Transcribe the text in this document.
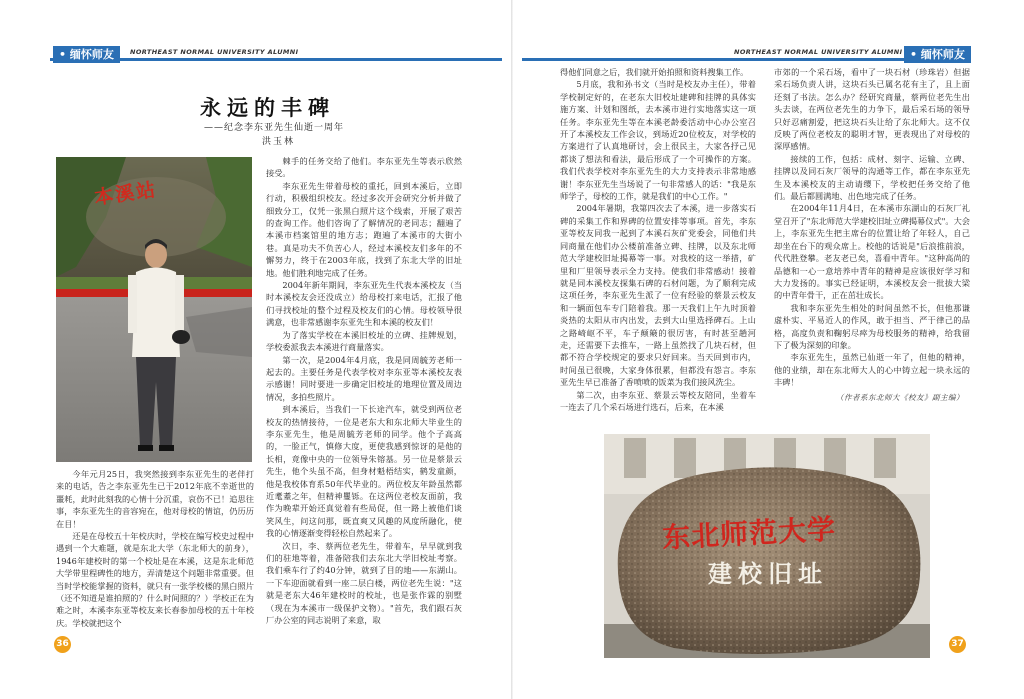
• 缅怀师友	NORTHEAST NORMAL UNIVERSITY ALUMNI
永远的丰碑
——纪念李东亚先生仙逝一周年
洪玉林
本溪站

今年元月25日，我突然接到李东亚先生的老伴打来的电话，告之李东亚先生已于2012年底不幸逝世的噩耗，此时此刻我的心情十分沉重，哀伤不已！追思往事，李东亚先生的音容宛在，他对母校的情谊，仍历历在目！

还是在母校五十年校庆时，学校在编写校史过程中遇到一个大难题，就是东北大学（东北师大的前身），1946年建校时的第一个校址是在本溪，这是东北师范大学带里程碑性的地方，弄清楚这个问题非常重要。但当时学校能掌握的资料，就只有一张学校楼的黑白照片（还不知道是谁拍照的？什么时间照的？）学校正在为难之时，本溪李东亚等校友来长春参加母校的五十年校庆。学校就把这个

棘手的任务交给了他们。李东亚先生等表示欣然接受。

李东亚先生带着母校的重托，回到本溪后，立即行动，积极组织校友。经过多次开会研究分析并做了细致分工，仅凭一张黑白照片这个线索，开展了艰苦的查询工作。他们咨询了了解情况的老同志；翻遍了本溪市档案馆里的地方志；跑遍了本溪市的大街小巷。真是功夫不负苦心人，经过本溪校友们多年的不懈努力，终于在2003年底，找到了东北大学的旧址地。他们胜利地完成了任务。

2004年新年期间，李东亚先生代表本溪校友（当时本溪校友会还没成立）给母校打来电话，汇报了他们寻找校址的整个过程及校友们的心情。母校领导很满意，也非常感谢李东亚先生和本溪的校友们！

为了落实学校在本溪旧校址的立碑、挂牌规划，学校委派我去本溪进行商量落实。

第一次，是2004年4月底，我是同周毓芳老师一起去的。主要任务是代表学校对李东亚等本溪校友表示感谢！同时要进一步确定旧校址的地理位置及周边情况，多拍些照片。

到本溪后，当我们一下长途汽车，就受到两位老校友的热情接待，一位是老东大和东北师大毕业生的李东亚先生，他是周毓芳老师的同学。他个子高高的，一脸正气，慎修大度，更使我感到惊讶的是他的长相，竟像中央的一位领导朱镕基。另一位是蔡景云先生，他个头虽不高，但身材魁梧结实，鹤发童颜，他是我校体育系50年代毕业的。两位校友年龄虽然都近耄耋之年，但精神矍铄。在这两位老校友面前，我作为晚辈开始还真觉着有些局促，但一路上被他们谈笑风生，问这问那，既直爽又风趣的风度所融化，使我的心情逐渐变得轻松自然起来了。

次日，李、蔡两位老先生，带着车，早早就到我们的驻地等着，准备陪我们去东北大学旧校址考察。我们乘车行了约40分钟，就到了目的地——东湖山。一下车迎面就看到一座二层白楼，两位老先生说："这就是老东大46年建校时的校址，也是张作霖的别墅（现在为本溪市一级保护文物）。"首先，我们跟石灰厂办公室的同志说明了来意，取

36
• 缅怀师友
NORTHEAST NORMAL UNIVERSITY ALUMNI

得他们同意之后，我们就开始拍照和资料搜集工作。

5月底，我和孙书文（当时是校友办主任），带着学校制定好的，在老东大旧校址建碑和挂牌的具体实施方案、计划和图纸，去本溪市进行实地落实这一项任务。李东亚先生等在本溪老龄委活动中心办公室召开了本溪校友工作会议，到场近20位校友，对学校的方案进行了认真地研讨，会上很民主，大家各抒己见都谈了想法和看法，最后形成了一个可操作的方案。我们代表学校对李东亚先生的大力支持表示非常地感谢！李东亚先生当场说了一句非常感人的话："我是东师学子，母校的工作，就是我们的中心工作。"

2004年暑期，我第四次去了本溪，进一步落实石碑的采集工作和界碑的位置安排等事项。首先，李东亚等校友同我一起到了本溪石灰矿党委会，同他们共同商量在他们办公楼前准备立碑、挂牌，以及东北师范大学建校旧址揭幕等一事。对我校的这一举措，矿里和厂里领导表示全力支持。使我们非常感动！接着就是同本溪校友探集石碑的石材问题，为了顺利完成这项任务，李东亚先生派了一位有经验的蔡景云校友和一辆面包车专门陪着我。那一天我们上午九时顶着炎热的太阳从市内出发，去到大山里选择碑石。上山之路崎岖不平，车子颠簸的很厉害，有时甚至趟河走，还需要下去推车，一路上虽然找了几块石材，但都不符合学校规定的要求只好回来。当天回到市内，时间虽已很晚，大家身体很累，但都没有怨言。李东亚先生早已准备了香喷喷的饭菜为我们接风洗尘。

第二次，由李东亚、蔡景云等校友陪同，坐着车一连去了几个采石场进行选石，后来，在本溪

市郊的一个采石场，看中了一块石材（珍珠岩）但据采石场负责人讲，这块石头已属名花有主了，且上面还刻了书法。怎么办？经研究商量，蔡两位老先生出头去谈，在两位老先生的力争下，最后采石场的领导只好忍痛割爱，把这块石头让给了东北师大。这不仅反映了两位老校友的聪明才智，更表现出了对母校的深厚感情。

接续的工作，包括：成材、刻字、运输、立碑、挂牌以及同石灰厂领导的沟通等工作，都在李东亚先生及本溪校友的主动请缨下，学校把任务交给了他们。最后都圆满地、出色地完成了任务。

在2004年11月4日，在本溪市东湖山的石灰厂礼堂召开了"东北师范大学建校旧址立碑揭幕仪式"。大会上，李东亚先生把主席台的位置让给了年轻人，自己却坐在台下的观众席上。校他的话说是"后浪推前浪，代代胜登攀。老友老已矣，喜看中青年。"这种高尚的品德和一心一意培养中青年的精神是应该很好学习和大力发扬的。事实已经证明，本溪校友会一批拔大梁的中青年骨干，正在茁壮成长。

我和李东亚先生相处的时间虽然不长，但他那谦虚朴实、平易近人的作风，敢于担当、严于律己的品格，高度负责和鞠躬尽瘁为母校服务的精神，给我留下了极为深刻的印象。

李东亚先生，虽然已仙逝一年了，但他的精神，他的业绩，却在东北师大人的心中铸立起一块永远的丰碑！

东北师范大学
建校旧址
37
（作者系东北师大《校友》副主编）
